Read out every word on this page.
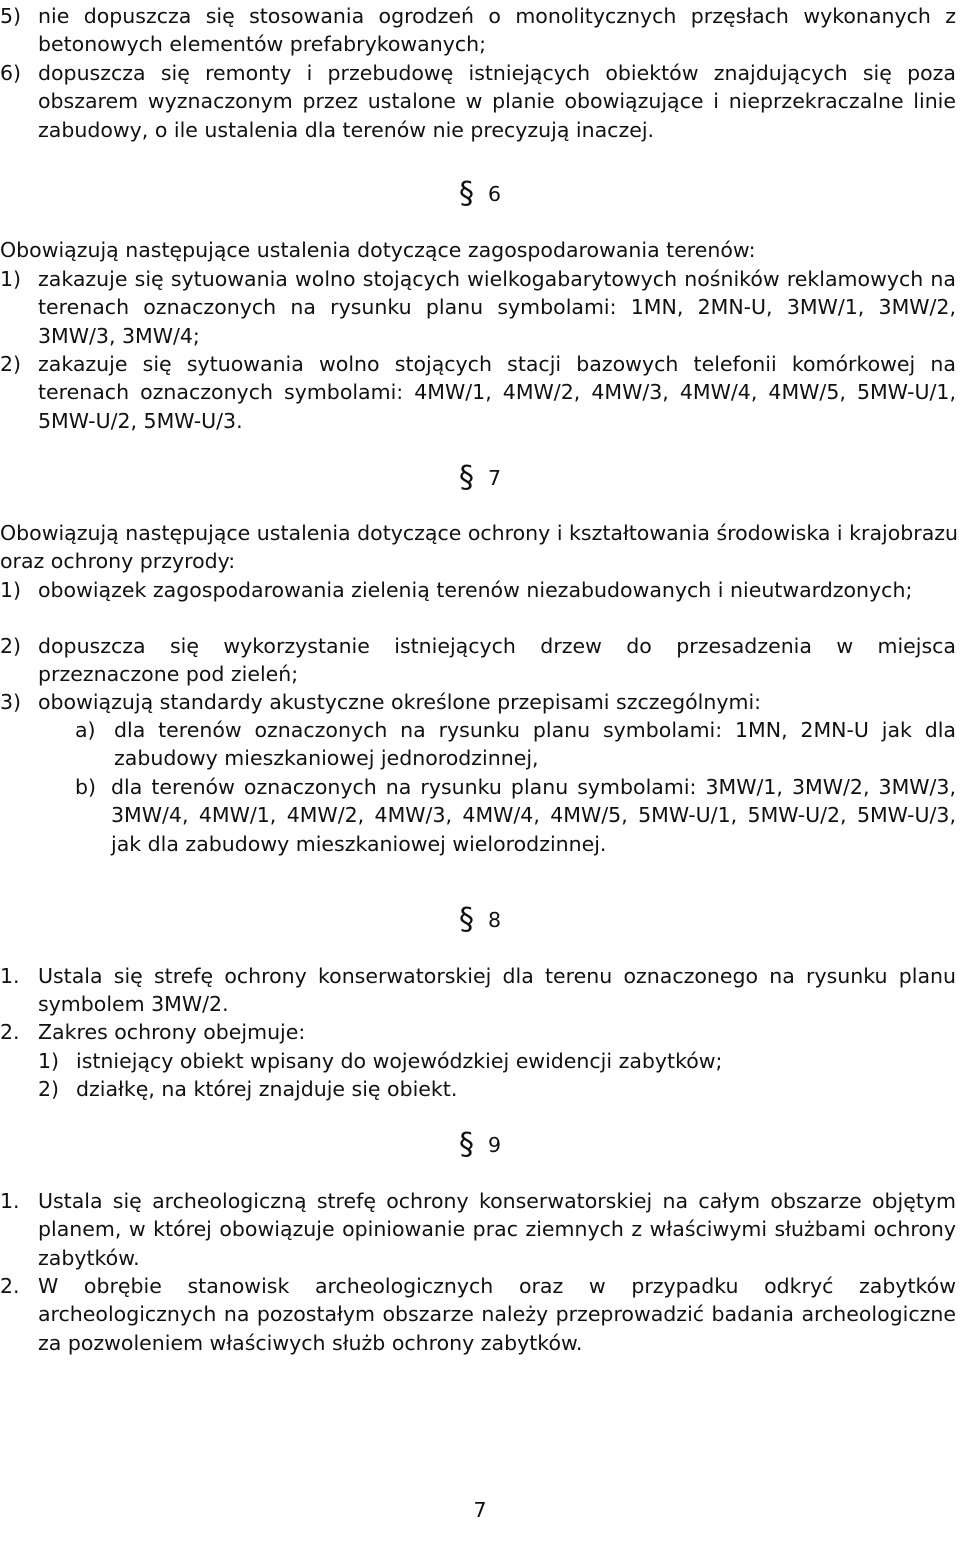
5) nie dopuszcza się stosowania ogrodzeń o monolitycznych przęsłach wykonanych z betonowych elementów prefabrykowanych;
6) dopuszcza się remonty i przebudowę istniejących obiektów znajdujących się poza obszarem wyznaczonym przez ustalone w planie obowiązujące i nieprzekraczalne linie zabudowy, o ile ustalenia dla terenów nie precyzują inaczej.
§ 6
Obowiązują następujące ustalenia dotyczące zagospodarowania terenów:
1) zakazuje się sytuowania wolno stojących wielkogabarytowych nośników reklamowych na terenach oznaczonych na rysunku planu symbolami: 1MN, 2MN-U, 3MW/1, 3MW/2, 3MW/3, 3MW/4;
2) zakazuje się sytuowania wolno stojących stacji bazowych telefonii komórkowej na terenach oznaczonych symbolami: 4MW/1, 4MW/2, 4MW/3, 4MW/4, 4MW/5, 5MW-U/1, 5MW-U/2, 5MW-U/3.
§ 7
Obowiązują następujące ustalenia dotyczące ochrony i kształtowania środowiska i krajobrazu oraz ochrony przyrody:
1) obowiązek zagospodarowania zielenią terenów niezabudowanych i nieutwardzonych;
2) dopuszcza się wykorzystanie istniejących drzew do przesadzenia w miejsca przeznaczone pod zieleń;
3) obowiązują standardy akustyczne określone przepisami szczególnymi:
a) dla terenów oznaczonych na rysunku planu symbolami: 1MN, 2MN-U jak dla zabudowy mieszkaniowej jednorodzinnej,
b) dla terenów oznaczonych na rysunku planu symbolami: 3MW/1, 3MW/2, 3MW/3, 3MW/4, 4MW/1, 4MW/2, 4MW/3, 4MW/4, 4MW/5, 5MW-U/1, 5MW-U/2, 5MW-U/3, jak dla zabudowy mieszkaniowej wielorodzinnej.
§ 8
1. Ustala się strefę ochrony konserwatorskiej dla terenu oznaczonego na rysunku planu symbolem 3MW/2.
2. Zakres ochrony obejmuje:
1) istniejący obiekt wpisany do wojewódzkiej ewidencji zabytków;
2) działkę, na której znajduje się obiekt.
§ 9
1. Ustala się archeologiczną strefę ochrony konserwatorskiej na całym obszarze objętym planem, w której obowiązuje opiniowanie prac ziemnych z właściwymi służbami ochrony zabytków.
2. W obrębie stanowisk archeologicznych oraz w przypadku odkryć zabytków archeologicznych na pozostałym obszarze należy przeprowadzić badania archeologiczne za pozwoleniem właściwych służb ochrony zabytków.
7
